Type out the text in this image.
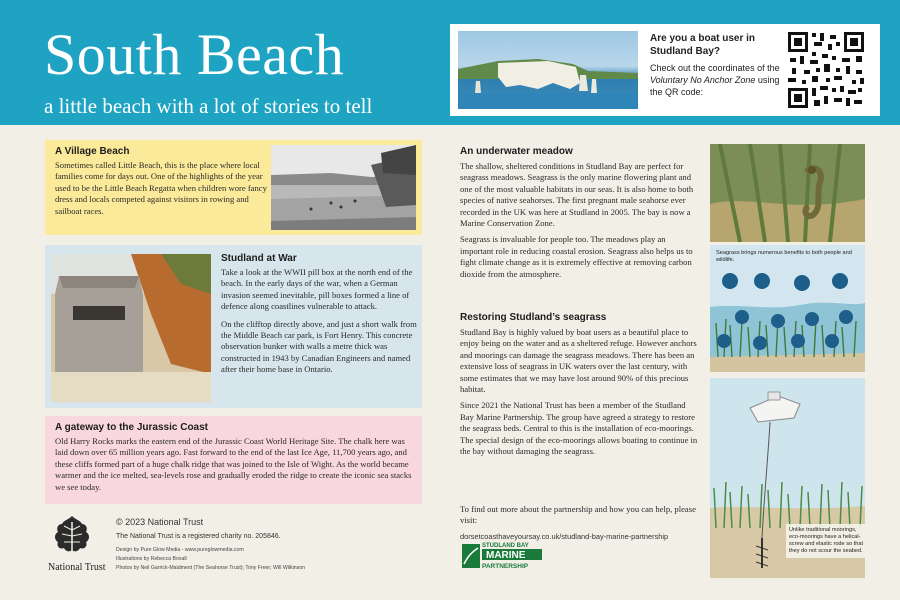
South Beach
a little beach with a lot of stories to tell
Are you a boat user in Studland Bay?
Check out the coordinates of the Voluntary No Anchor Zone using the QR code:
A Village Beach

Sometimes called Little Beach, this is the place where local families come for days out. One of the highlights of the year used to be the Little Beach Regatta when children wore fancy dress and locals competed against visitors in rowing and sailboat races.

Studland at War

Take a look at the WWII pill box at the north end of the beach. In the early days of the war, when a German invasion seemed inevitable, pill boxes formed a line of defence along coastlines vulnerable to attack.

On the clifftop directly above, and just a short walk from the Middle Beach car park, is Fort Henry. This concrete observation bunker with walls a metre thick was constructed in 1943 by Canadian Engineers and named after their home base in Ontario.

A gateway to the Jurassic Coast

Old Harry Rocks marks the eastern end of the Jurassic Coast World Heritage Site. The chalk here was laid down over 65 million years ago. Fast forward to the end of the last Ice Age, 11,700 years ago, and these cliffs formed part of a huge chalk ridge that was joined to the Isle of Wight. As the world became warmer and the ice melted, sea-levels rose and gradually eroded the ridge to create the iconic sea stacks we see today.

National Trust
© 2023 National Trust
The National Trust is a registered charity no. 205846.
Design by Pure Glow Media - www.pureglowmedia.com
Illustrations by Rebecca Boxall
Photos by Neil Garrick-Maidment (The Seahorse Trust); Tony Freer; Will Wilkinson
An underwater meadow

The shallow, sheltered conditions in Studland Bay are perfect for seagrass meadows. Seagrass is the only marine flowering plant and one of the most valuable habitats in our seas. It is also home to both species of native seahorses. The first pregnant male seahorse ever recorded in the UK was here at Studland in 2005. The bay is now a Marine Conservation Zone.

Seagrass is invaluable for people too. The meadows play an important role in reducing coastal erosion. Seagrass also helps us to fight climate change as it is extremely effective at removing carbon dioxide from the atmosphere.

Restoring Studland’s seagrass

Studland Bay is highly valued by boat users as a beautiful place to enjoy being on the water and as a sheltered refuge. However anchors and moorings can damage the seagrass meadows. There has been an extensive loss of seagrass in UK waters over the last century, with some estimates that we may have lost around 90% of this precious habitat.

Since 2021 the National Trust has been a member of the Studland Bay Marine Partnership. The group have agreed a strategy to restore the seagrass beds. Central to this is the installation of eco-moorings. The special design of the eco-moorings allows boating to continue in the bay without damaging the seagrass.

To find out more about the partnership and how you can help, please visit:

dorsetcoasthaveyoursay.co.uk/studland-bay-marine-partnership
STUDLAND BAY
MARINE
PARTNERSHIP
Seagrass brings numerous benefits to both people and wildlife.
Unlike traditional moorings, eco-moorings have a helical-screw and elastic rode so that they do not scour the seabed.
